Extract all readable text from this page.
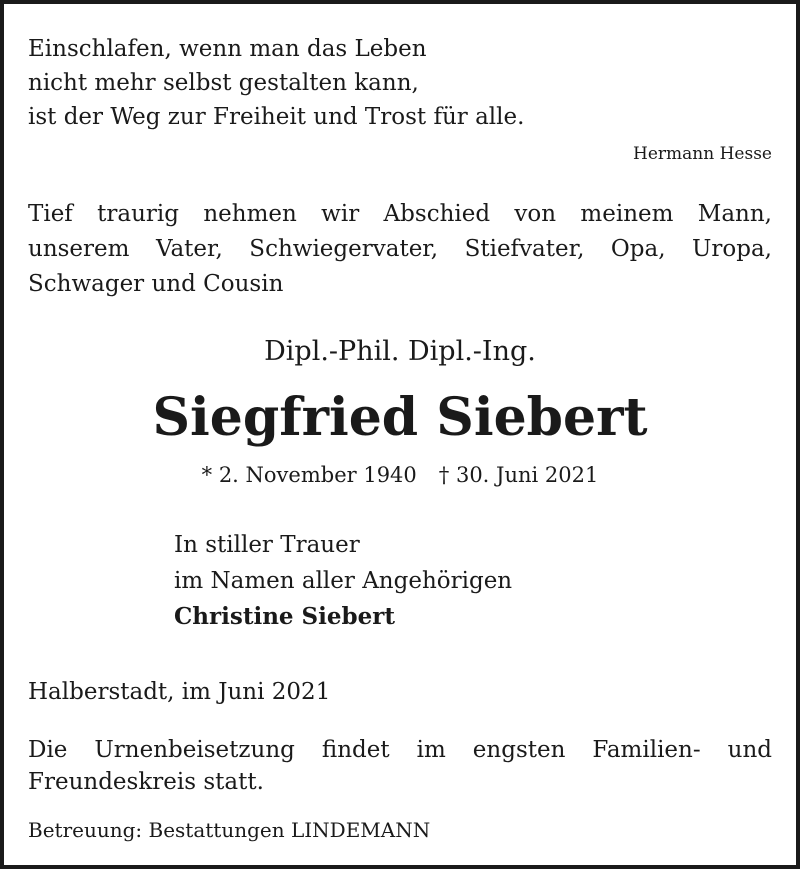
Einschlafen, wenn man das Leben
nicht mehr selbst gestalten kann,
ist der Weg zur Freiheit und Trost für alle.

Hermann Hesse

Tief traurig nehmen wir Abschied von meinem Mann,
unserem Vater, Schwiegervater, Stiefvater, Opa, Uropa,
Schwager und Cousin

Dipl.-Phil. Dipl.-Ing.

Siegfried Siebert

* 2. November 1940 † 30. Juni 2021

In stiller Trauer
im Namen aller Angehörigen
Christine Siebert

Halberstadt, im Juni 2021

Die Urnenbeisetzung findet im engsten Familien- und
Freundeskreis statt.

Betreuung: Bestattungen LINDEMANN
